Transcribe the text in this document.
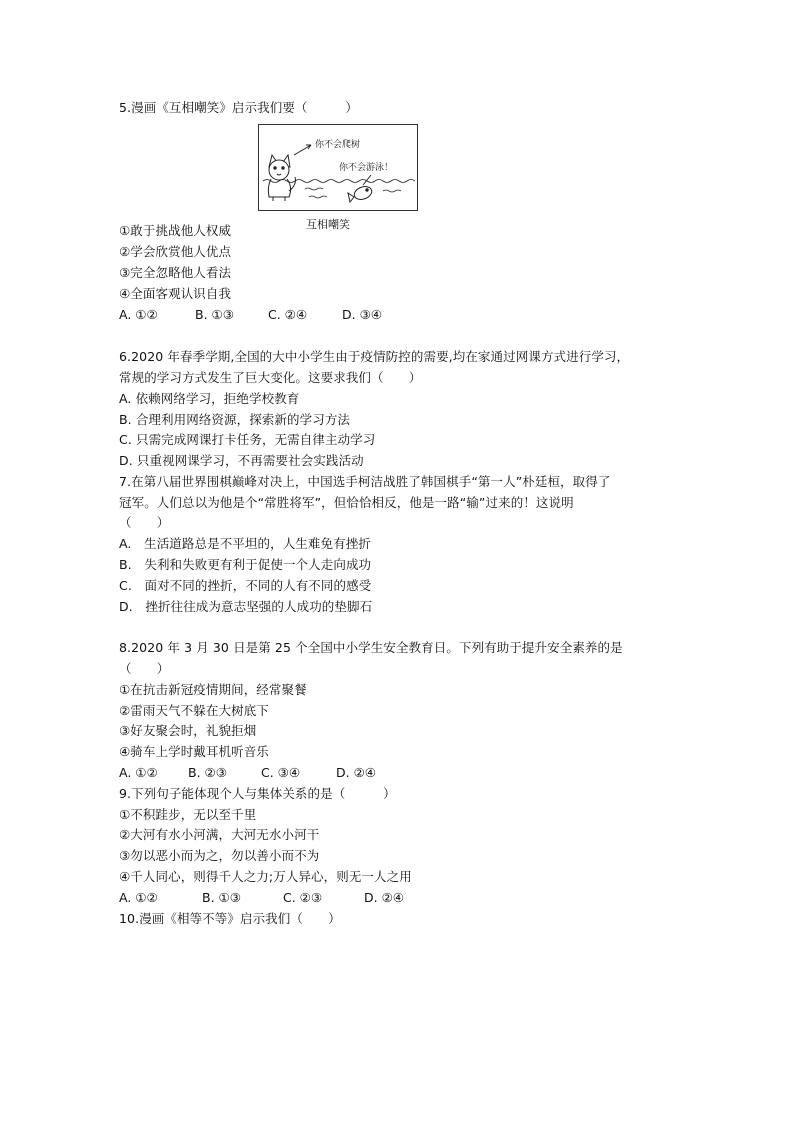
5.漫画《互相嘲笑》启示我们要（　　　）
你不会爬树
你不会游泳！
互相嘲笑
①敢于挑战他人权威
②学会欣赏他人优点
③完全忽略他人看法
④全面客观认识自我
A. ①②	B. ①③	C. ②④	D. ③④
6.2020 年春季学期,全国的大中小学生由于疫情防控的需要,均在家通过网课方式进行学习，
常规的学习方式发生了巨大变化。这要求我们（　　）
A. 依赖网络学习，拒绝学校教育
B. 合理利用网络资源，探索新的学习方法
C. 只需完成网课打卡任务，无需自律主动学习
D. 只重视网课学习，不再需要社会实践活动
7.在第八届世界围棋巅峰对决上，中国选手柯洁战胜了韩国棋手“第一人”朴廷桓，取得了
冠军。人们总以为他是个“常胜将军”，但恰恰相反，他是一路“输”过来的！这说明
（　　）
A.　生活道路总是不平坦的，人生难免有挫折
B.　失利和失败更有利于促使一个人走向成功
C.　面对不同的挫折，不同的人有不同的感受
D.　挫折往往成为意志坚强的人成功的垫脚石
8.2020 年 3 月 30 日是第 25 个全国中小学生安全教育日。下列有助于提升安全素养的是
（　　）
①在抗击新冠疫情期间，经常聚餐
②雷雨天气不躲在大树底下
③好友聚会时，礼貌拒烟
④骑车上学时戴耳机听音乐
A. ①② B. ②③	C. ③④	D. ②④
9.下列句子能体现个人与集体关系的是（　　　）
①不积跬步，无以至千里
②大河有水小河满，大河无水小河干
③勿以恶小而为之，勿以善小而不为
④千人同心，则得千人之力;万人异心，则无一人之用
A. ①②	B. ①③	C. ②③	D. ②④
10.漫画《相等不等》启示我们（　　）
